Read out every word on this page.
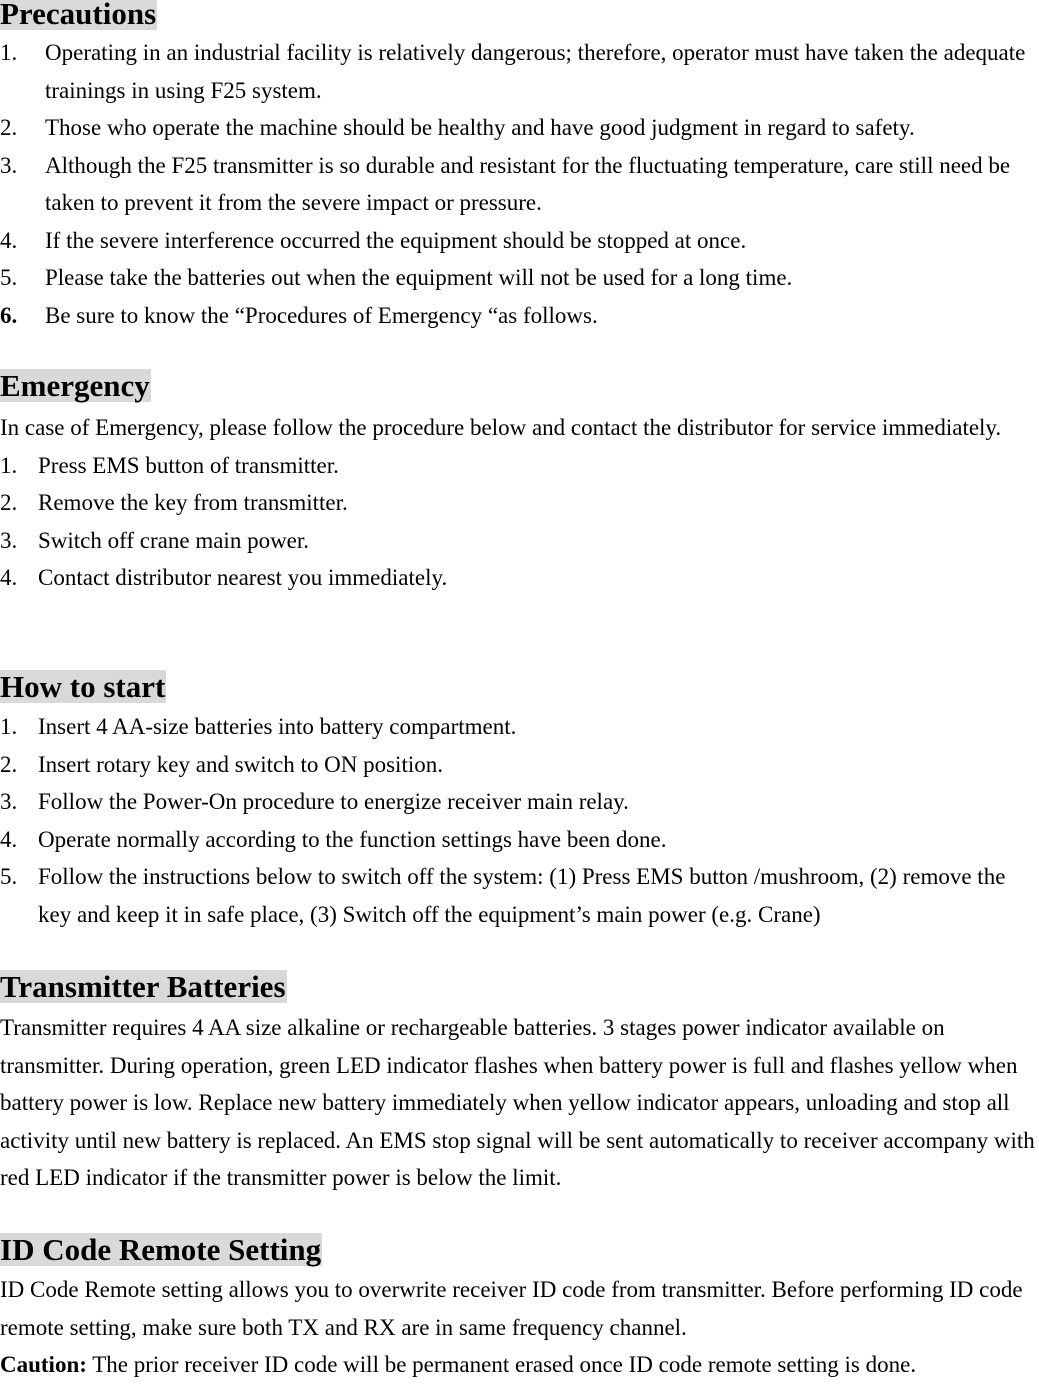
Precautions
1.	Operating in an industrial facility is relatively dangerous; therefore, operator must have taken the adequate trainings in using F25 system.
2.	Those who operate the machine should be healthy and have good judgment in regard to safety.
3.	Although the F25 transmitter is so durable and resistant for the fluctuating temperature, care still need be taken to prevent it from the severe impact or pressure.
4.	If the severe interference occurred the equipment should be stopped at once.
5.	Please take the batteries out when the equipment will not be used for a long time.
6.	Be sure to know the “Procedures of Emergency “as follows.
Emergency

In case of Emergency, please follow the procedure below and contact the distributor for service immediately.

1. Press EMS button of transmitter.
2. Remove the key from transmitter.
3. Switch off crane main power.
4. Contact distributor nearest you immediately.
How to start
1. Insert 4 AA-size batteries into battery compartment.
2. Insert rotary key and switch to ON position.
3. Follow the Power-On procedure to energize receiver main relay.
4. Operate normally according to the function settings have been done.
5. Follow the instructions below to switch off the system: (1) Press EMS button /mushroom, (2) remove the key and keep it in safe place, (3) Switch off the equipment’s main power (e.g. Crane)
Transmitter Batteries

Transmitter requires 4 AA size alkaline or rechargeable batteries. 3 stages power indicator available on transmitter. During operation, green LED indicator flashes when battery power is full and flashes yellow when battery power is low. Replace new battery immediately when yellow indicator appears, unloading and stop all activity until new battery is replaced. An EMS stop signal will be sent automatically to receiver accompany with red LED indicator if the transmitter power is below the limit.

ID Code Remote Setting

ID Code Remote setting allows you to overwrite receiver ID code from transmitter. Before performing ID code remote setting, make sure both TX and RX are in same frequency channel.

Caution: The prior receiver ID code will be permanent erased once ID code remote setting is done.
